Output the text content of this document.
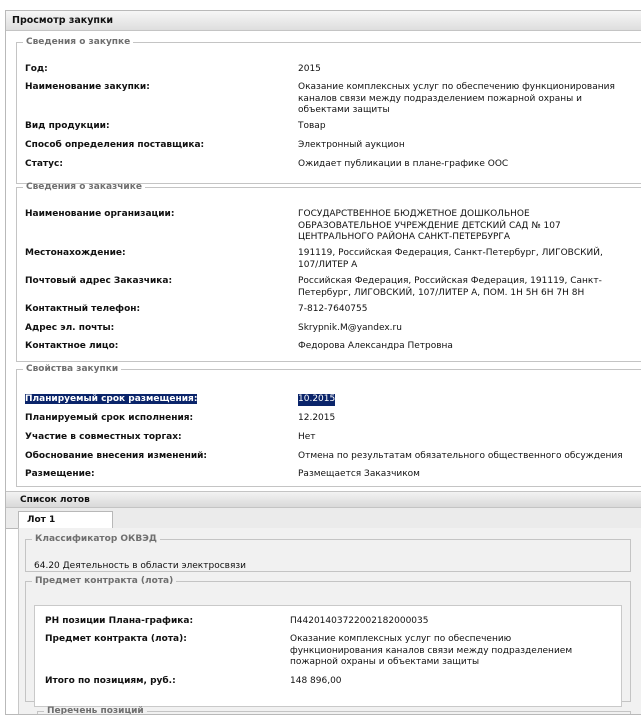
Просмотр закупки
Сведения о закупке
Год:	2015
Наименование закупки:	Оказание комплексных услуг по обеспечению функционирования каналов связи между подразделением пожарной охраны и объектами защиты
Вид продукции:	Товар
Способ определения поставщика:	Электронный аукцион
Статус:	Ожидает публикации в плане-графике ООС
Сведения о заказчике
Наименование организации:	ГОСУДАРСТВЕННОЕ БЮДЖЕТНОЕ ДОШКОЛЬНОЕ ОБРАЗОВАТЕЛЬНОЕ УЧРЕЖДЕНИЕ ДЕТСКИЙ САД № 107 ЦЕНТРАЛЬНОГО РАЙОНА САНКТ-ПЕТЕРБУРГА
Местонахождение:	191119, Российская Федерация, Санкт-Петербург, ЛИГОВСКИЙ, 107/ЛИТЕР А
Почтовый адрес Заказчика:	Российская Федерация, Российская Федерация, 191119, Санкт-Петербург, ЛИГОВСКИЙ, 107/ЛИТЕР А, ПОМ. 1Н 5Н 6Н 7Н 8Н
Контактный телефон:	7-812-7640755
Адрес эл. почты:	Skrypnik.M@yandex.ru
Контактное лицо:	Федорова Александра Петровна
Свойства закупки
Планируемый срок размещения:	10.2015
Планируемый срок исполнения:	12.2015
Участие в совместных торгах:	Нет
Обоснование внесения изменений:	Отмена по результатам обязательного общественного обсуждения
Размещение:	Размещается Заказчиком
Список лотов
Лот 1
Классификатор ОКВЭД
64.20 Деятельность в области электросвязи
Предмет контракта (лота)
РН позиции Плана-графика:	П44201403722002182000035
Предмет контракта (лота):	Оказание комплексных услуг по обеспечению функционирования каналов связи между подразделением пожарной охраны и объектами защиты
Итого по позициям, руб.:	148 896,00
Перечень позиций
